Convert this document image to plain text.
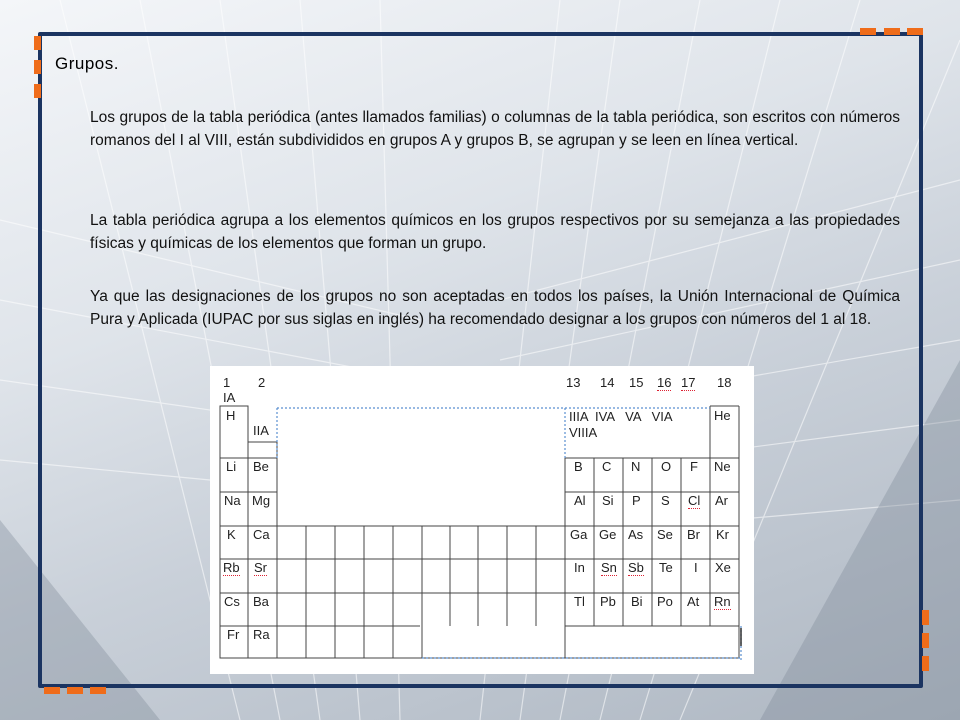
Grupos.

Los grupos de la tabla periódica (antes llamados familias) o columnas de la tabla periódica, son escritos con números romanos del I al VIII, están subdivididos en grupos A y grupos B, se agrupan y se leen en línea vertical.

La tabla periódica agrupa a los elementos químicos en los grupos respectivos por su semejanza a las propiedades físicas y químicas de los elementos que forman un grupo.

Ya que las designaciones de los grupos no son aceptadas en todos los países, la Unión Internacional de Química Pura y Aplicada (IUPAC por sus siglas en inglés) ha recomendado designar a los grupos con números del 1 al 18.

1 2	13 14 15 16 17 18
IA
IIA
IIIA  IVA   VA   VIA
VIIIA
H	He
Li Be	B C N O F Ne
Na Mg	Al Si P S Cl Ar
K Ca	Ga Ge As Se Br Kr
Rb Sr	In Sn Sb Te I Xe
Cs Ba	Tl Pb Bi Po At Rn
Fr Ra
